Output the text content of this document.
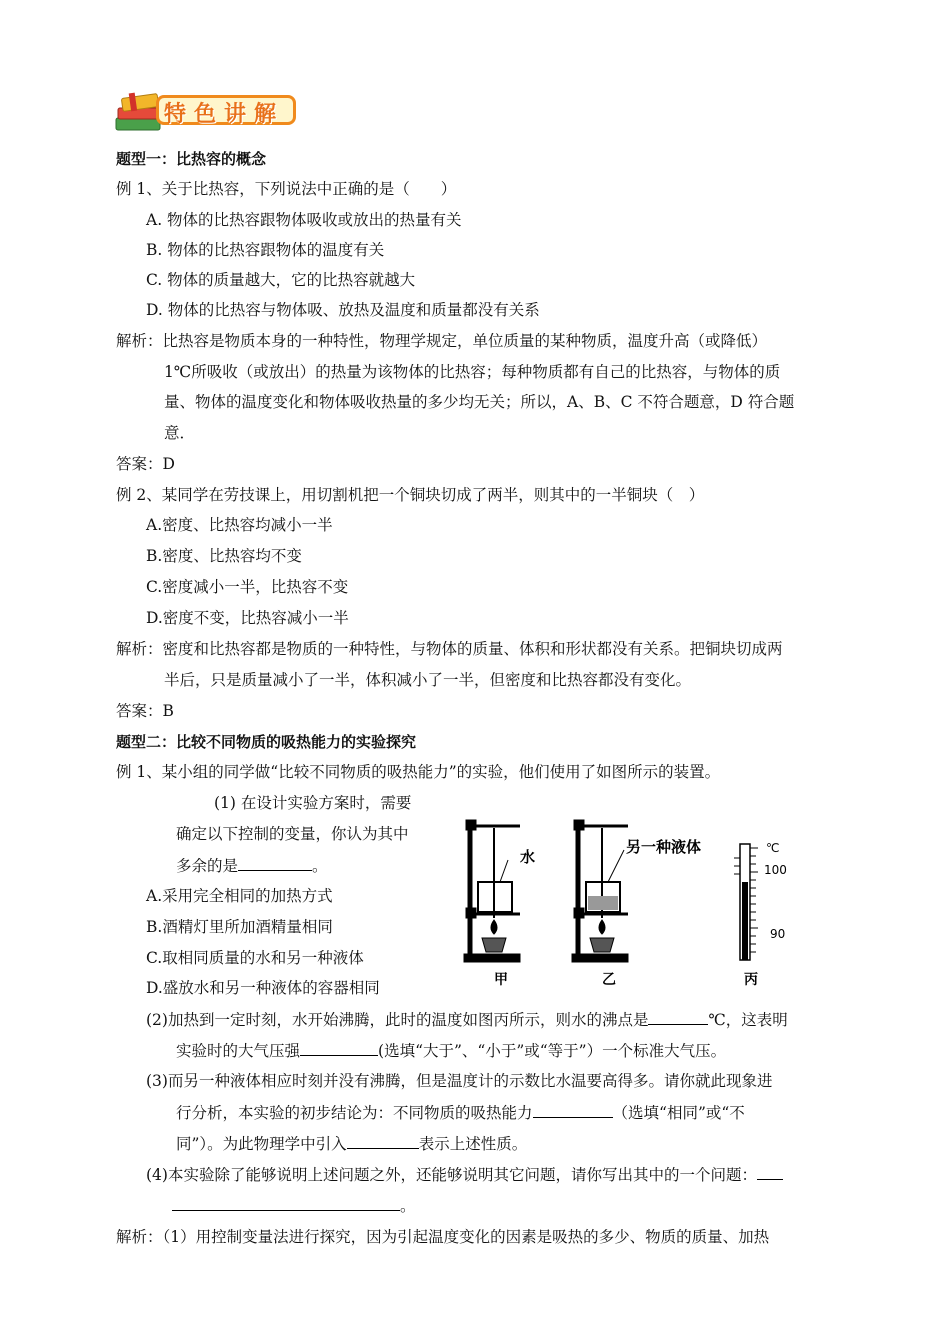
特色讲解
题型一：比热容的概念
例 1、关于比热容，下列说法中正确的是（　　）
A. 物体的比热容跟物体吸收或放出的热量有关
B. 物体的比热容跟物体的温度有关
C. 物体的质量越大，它的比热容就越大
D. 物体的比热容与物体吸、放热及温度和质量都没有关系
解析：比热容是物质本身的一种特性，物理学规定，单位质量的某种物质，温度升高（或降低）
1℃所吸收（或放出）的热量为该物体的比热容；每种物质都有自己的比热容，与物体的质
量、物体的温度变化和物体吸收热量的多少均无关；所以，A、B、C 不符合题意，D 符合题
意．
答案：D
例 2、某同学在劳技课上，用切割机把一个铜块切成了两半，则其中的一半铜块（　）
A.密度、比热容均减小一半
B.密度、比热容均不变
C.密度减小一半，比热容不变
D.密度不变，比热容减小一半
解析：密度和比热容都是物质的一种特性，与物体的质量、体积和形状都没有关系。把铜块切成两
半后，只是质量减小了一半，体积减小了一半，但密度和比热容都没有变化。
答案：B
题型二：比较不同物质的吸热能力的实验探究
例 1、某小组的同学做“比较不同物质的吸热能力”的实验，他们使用了如图所示的装置。
(1) 在设计实验方案时，需要
确定以下控制的变量，你认为其中
多余的是	。
A.采用完全相同的加热方式
B.酒精灯里所加酒精量相同
C.取相同质量的水和另一种液体
D.盛放水和另一种液体的容器相同
水
甲
另一种液体
乙
℃
100
90
丙
(2)加热到一定时刻，水开始沸腾，此时的温度如图丙所示，则水的沸点是	℃，这表明
实验时的大气压强	(选填“大于”、“小于”或“等于”）一个标准大气压。
(3)而另一种液体相应时刻并没有沸腾，但是温度计的示数比水温要高得多。请你就此现象进
行分析，本实验的初步结论为：不同物质的吸热能力	（选填“相同”或“不
同”）。为此物理学中引入	表示上述性质。
(4)本实验除了能够说明上述问题之外，还能够说明其它问题，请你写出其中的一个问题：
。
解析：（1）用控制变量法进行探究，因为引起温度变化的因素是吸热的多少、物质的质量、加热
